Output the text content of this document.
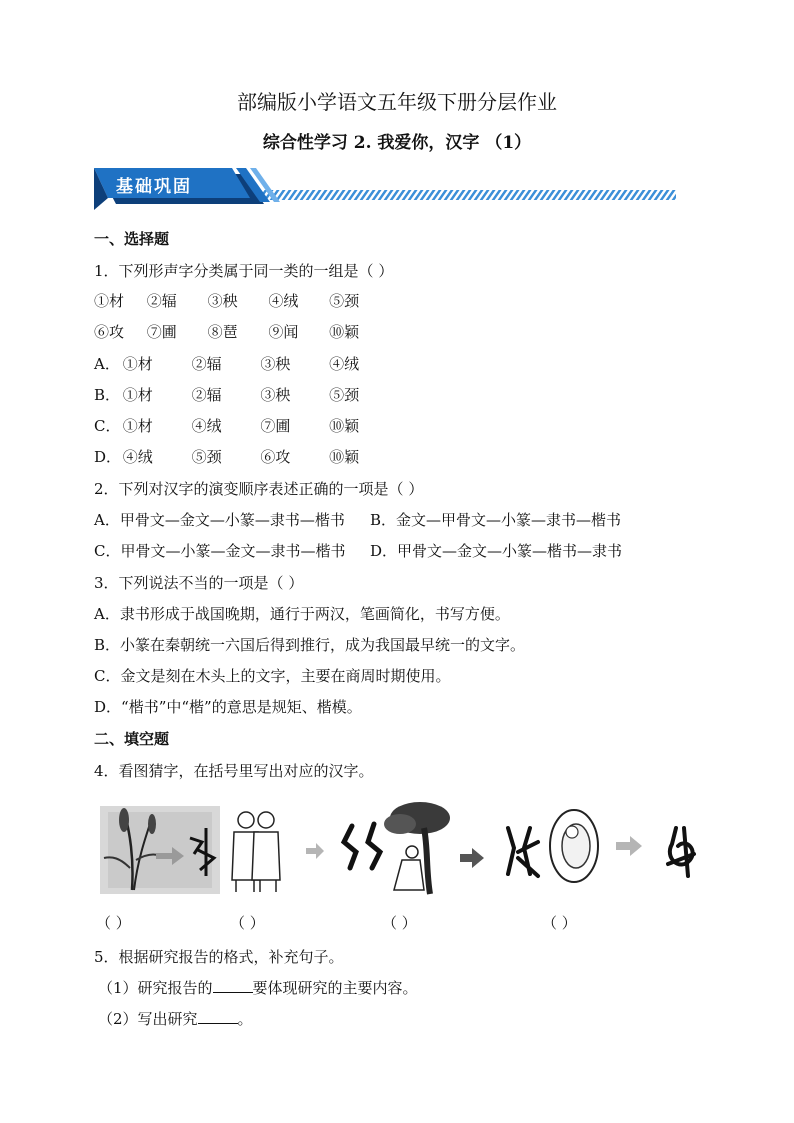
部编版小学语文五年级下册分层作业
综合性学习 2. 我爱你，汉字 （1）
基础巩固
一、选择题
1．下列形声字分类属于同一类的一组是（ ）
①材 ②辐 ③秧 ④绒 ⑤颈
⑥攻 ⑦圃 ⑧琶 ⑨闻 ⑩颖
A． ①材	②辐	③秧	④绒
B． ①材	②辐	③秧	⑤颈
C． ①材	④绒	⑦圃	⑩颖
D． ④绒	⑤颈	⑥攻	⑩颖
2．下列对汉字的演变顺序表述正确的一项是（ ）
A．甲骨文—金文—小篆—隶书—楷书 B．金文—甲骨文—小篆—隶书—楷书
C．甲骨文—小篆—金文—隶书—楷书 D．甲骨文—金文—小篆—楷书—隶书
3．下列说法不当的一项是（ ）
A．隶书形成于战国晚期，通行于两汉，笔画简化，书写方便。
B．小篆在秦朝统一六国后得到推行，成为我国最早统一的文字。
C．金文是刻在木头上的文字，主要在商周时期使用。
D．“楷书”中“楷”的意思是规矩、楷模。
二、填空题
4．看图猜字，在括号里写出对应的汉字。
（ ）	（ ）	（ ）	（ ）
5．根据研究报告的格式，补充句子。
（1）研究报告的	要体现研究的主要内容。
（2）写出研究	。
